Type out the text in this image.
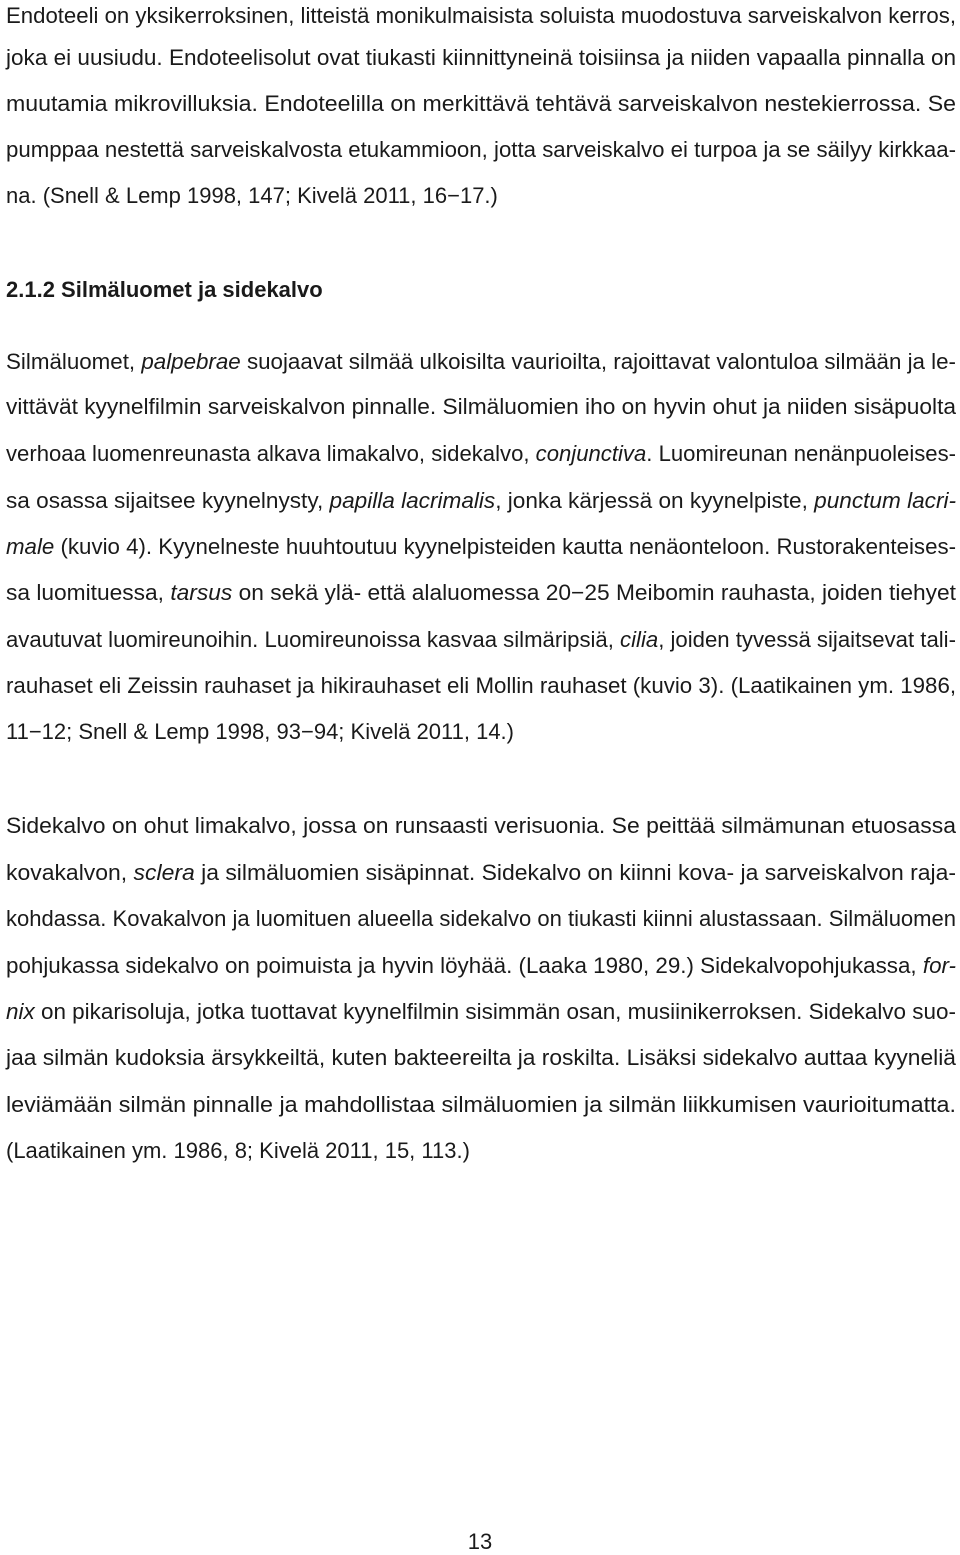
Endoteeli on yksikerroksinen, litteistä monikulmaisista soluista muodostuva sarveiskalvon kerros,
joka ei uusiudu. Endoteelisolut ovat tiukasti kiinnittyneinä toisiinsa ja niiden vapaalla pinnalla on
muutamia mikrovilluksia. Endoteelilla on merkittävä tehtävä sarveiskalvon nestekierrossa. Se
pumppaa nestettä sarveiskalvosta etukammioon, jotta sarveiskalvo ei turpoa ja se säilyy kirkkaa-
na. (Snell & Lemp 1998, 147; Kivelä 2011, 16−17.)
2.1.2 Silmäluomet ja sidekalvo
Silmäluomet, palpebrae suojaavat silmää ulkoisilta vaurioilta, rajoittavat valontuloa silmään ja le-
vittävät kyynelfilmin sarveiskalvon pinnalle. Silmäluomien iho on hyvin ohut ja niiden sisäpuolta
verhoaa luomenreunasta alkava limakalvo, sidekalvo, conjunctiva. Luomireunan nenänpuoleises-
sa osassa sijaitsee kyynelnysty, papilla lacrimalis, jonka kärjessä on kyynelpiste, punctum lacri-
male (kuvio 4). Kyynelneste huuhtoutuu kyynelpisteiden kautta nenäonteloon. Rustorakenteises-
sa luomituessa, tarsus on sekä ylä- että alaluomessa 20−25 Meibomin rauhasta, joiden tiehyet
avautuvat luomireunoihin. Luomireunoissa kasvaa silmäripsiä, cilia, joiden tyvessä sijaitsevat tali-
rauhaset eli Zeissin rauhaset ja hikirauhaset eli Mollin rauhaset (kuvio 3). (Laatikainen ym. 1986,
11−12; Snell & Lemp 1998, 93−94; Kivelä 2011, 14.)
Sidekalvo on ohut limakalvo, jossa on runsaasti verisuonia. Se peittää silmämunan etuosassa
kovakalvon, sclera ja silmäluomien sisäpinnat. Sidekalvo on kiinni kova- ja sarveiskalvon raja-
kohdassa. Kovakalvon ja luomituen alueella sidekalvo on tiukasti kiinni alustassaan. Silmäluomen
pohjukassa sidekalvo on poimuista ja hyvin löyhää. (Laaka 1980, 29.) Sidekalvopohjukassa, for-
nix on pikarisoluja, jotka tuottavat kyynelfilmin sisimmän osan, musiinikerroksen. Sidekalvo suo-
jaa silmän kudoksia ärsykkeiltä, kuten bakteereilta ja roskilta. Lisäksi sidekalvo auttaa kyyneliä
leviämään silmän pinnalle ja mahdollistaa silmäluomien ja silmän liikkumisen vaurioitumatta.
(Laatikainen ym. 1986, 8; Kivelä 2011, 15, 113.)
13
